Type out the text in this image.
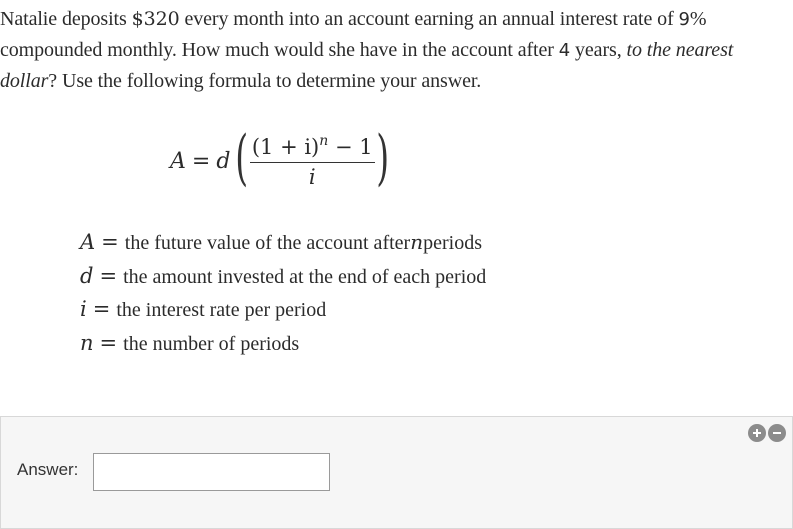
Natalie deposits $320 every month into an account earning an annual interest rate of 9% compounded monthly. How much would she have in the account after 4 years, to the nearest dollar? Use the following formula to determine your answer.
A = d ( $\frac{(1 + i)^n - 1}{i}$ )
A = the future value of the account after n periods
d = the amount invested at the end of each period
i = the interest rate per period
n = the number of periods
Answer:
